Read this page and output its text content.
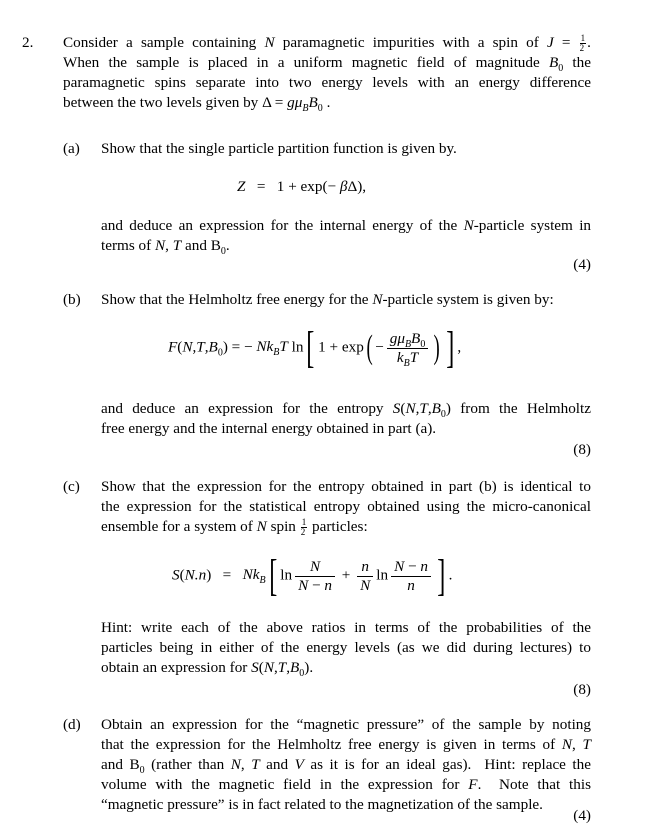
2. Consider a sample containing N paramagnetic impurities with a spin of $J = \frac{1}{2}$ .
When the sample is placed in a uniform magnetic field of magnitude $B_0$ the
paramagnetic spins separate into two energy levels with an energy difference
between the two levels given by $\Delta = g\mu_BB_0$ .
(a) Show that the single particle partition function is given by.
Z   =   1 + exp(− βΔ),
and deduce an expression for the internal energy of the N-particle system in
terms of N, T and $B_0$.
(4)
(b) Show that the Helmholtz free energy for the N-particle system is given by:
$F(N,T,B_0)$ = − $Nk_BT$ ln[ 1 + exp( −
$g\mu_BB_0$
$k_BT$ ) ] ,
and deduce an expression for the entropy $S(N,T,B_0)$ from the Helmholtz
free energy and the internal energy obtained in part (a).
(8)
(c) Show that the expression for the entropy obtained in part (b) is identical to
the expression for the statistical entropy obtained using the micro-canonical
ensemble for a system of N spin $\frac{1}{2}$ particles:
$S(N.n) = Nk_B$[ $\ln \frac{N}{N - n} + \frac{n}{N}$ $\ln \frac{N - n}{n}$ ] .
Hint: write each of the above ratios in terms of the probabilities of the
particles being in either of the energy levels (as we did during lectures) to
obtain an expression for $S(N,T,B_0)$.
(8)
(d) Obtain an expression for the “magnetic pressure” of the sample by noting
that the expression for the Helmholtz free energy is given in terms of N, T
and $B_0$ (rather than N, T and V as it is for an ideal gas).  Hint: replace the
volume with the magnetic field in the expression for F.  Note that this
“magnetic pressure” is in fact related to the magnetization of the sample.
(4)
